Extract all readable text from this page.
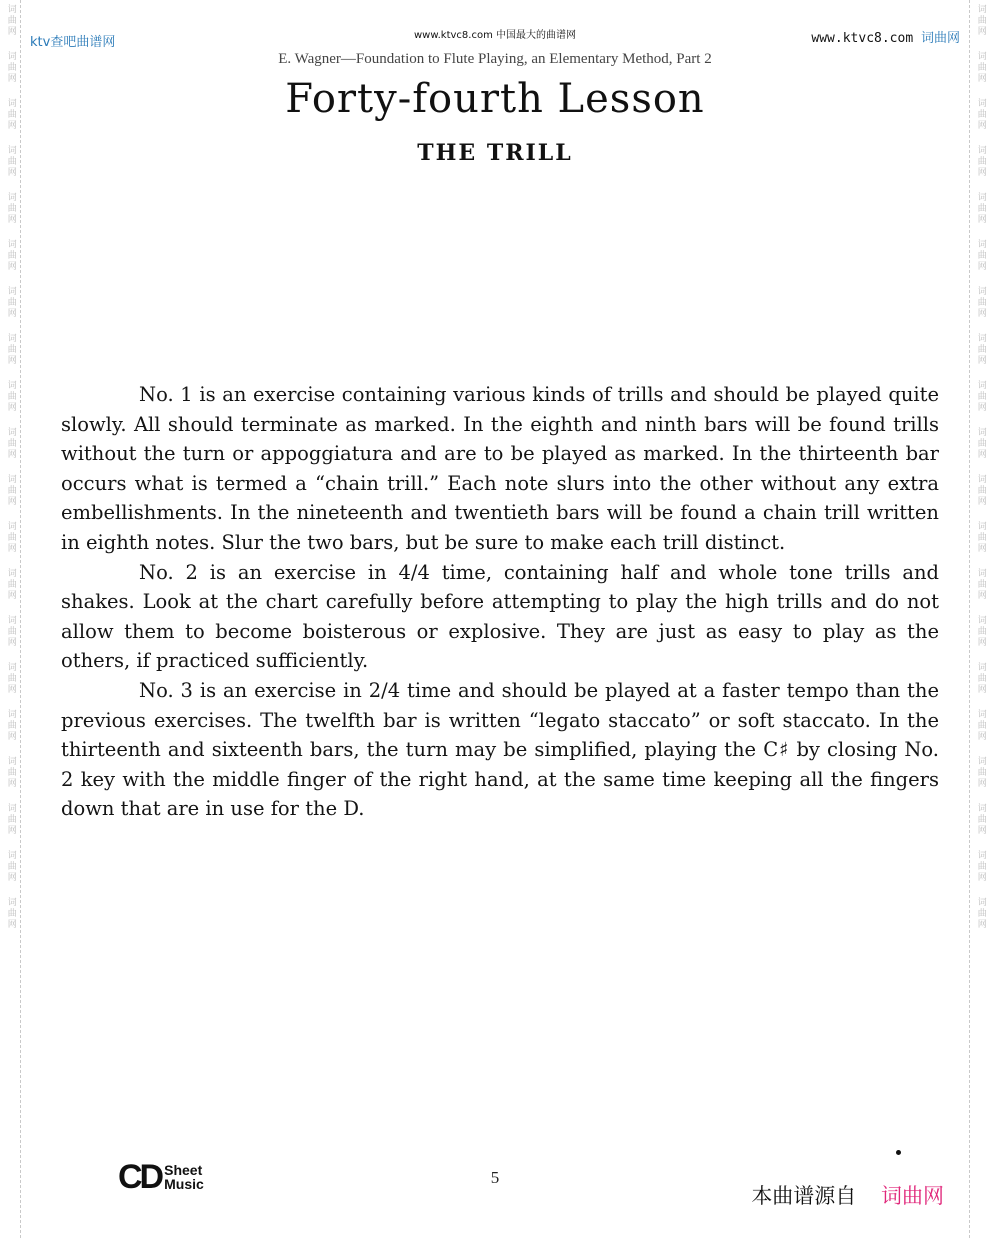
词曲网
词曲网
词曲网
词曲网
词曲网
词曲网
词曲网
词曲网
词曲网
词曲网
词曲网
词曲网
词曲网
词曲网
词曲网
词曲网
词曲网
词曲网
词曲网
词曲网
词曲网
词曲网
词曲网
词曲网
词曲网
词曲网
词曲网
词曲网
词曲网
词曲网
词曲网
词曲网
词曲网
词曲网
词曲网
词曲网
词曲网
词曲网
词曲网
词曲网
ktv查吧曲谱网	www.ktvc8.com 中国最大的曲谱网	www.ktvc8.com 词曲网
E. Wagner—Foundation to Flute Playing, an Elementary Method, Part 2
Forty-fourth Lesson
THE TRILL

No. 1 is an exercise containing various kinds of trills and should be played quite slowly. All should terminate as marked. In the eighth and ninth bars will be found trills without the turn or appoggiatura and are to be played as marked. In the thirteenth bar occurs what is termed a “chain trill.” Each note slurs into the other without any extra embellishments. In the nineteenth and twentieth bars will be found a chain trill written in eighth notes. Slur the two bars, but be sure to make each trill distinct.

No. 2 is an exercise in 4/4 time, containing half and whole tone trills and shakes. Look at the chart carefully before attempting to play the high trills and do not allow them to become boisterous or explosive. They are just as easy to play as the others, if practiced sufficiently.

No. 3 is an exercise in 2/4 time and should be played at a faster tempo than the previous exercises. The twelfth bar is written “legato staccato” or soft staccato. In the thirteenth and sixteenth bars, the turn may be simplified, playing the C♯ by closing No. 2 key with the middle finger of the right hand, at the same time keeping all the fingers down that are in use for the D.

CD Sheet
Music	5
本曲谱源自 词曲网
